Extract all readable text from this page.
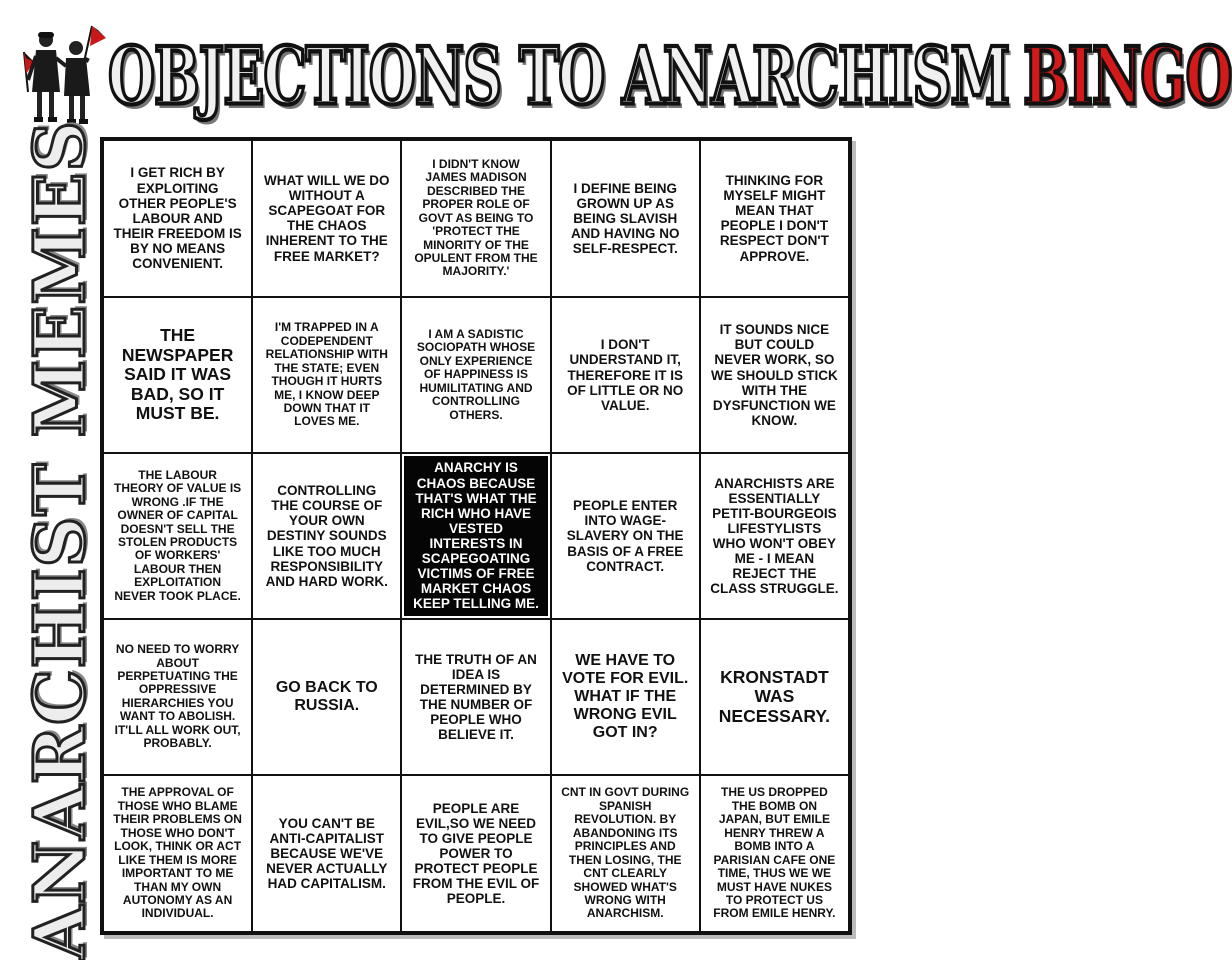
OBJECTIONS TO ANARCHISM BINGO
ANARCHIST MEMES	I GET RICH BY EXPLOITING OTHER PEOPLE'S LABOUR AND THEIR FREEDOM IS BY NO MEANS CONVENIENT.
WHAT WILL WE DO WITHOUT A SCAPEGOAT FOR THE CHAOS INHERENT TO THE FREE MARKET?
I DIDN'T KNOW JAMES MADISON DESCRIBED THE PROPER ROLE OF GOVT AS BEING TO 'PROTECT THE MINORITY OF THE OPULENT FROM THE MAJORITY.'
I DEFINE BEING GROWN UP AS BEING SLAVISH AND HAVING NO SELF-RESPECT.
THINKING FOR MYSELF MIGHT MEAN THAT PEOPLE I DON'T RESPECT DON'T APPROVE.
THE NEWSPAPER SAID IT WAS BAD, SO IT MUST BE.
I'M TRAPPED IN A CODEPENDENT RELATIONSHIP WITH THE STATE; EVEN THOUGH IT HURTS ME, I KNOW DEEP DOWN THAT IT LOVES ME.
I AM A SADISTIC SOCIOPATH WHOSE ONLY EXPERIENCE OF HAPPINESS IS HUMILITATING AND CONTROLLING OTHERS.
I DON'T UNDERSTAND IT, THEREFORE IT IS OF LITTLE OR NO VALUE.
IT SOUNDS NICE BUT COULD NEVER WORK, SO WE SHOULD STICK WITH THE DYSFUNCTION WE KNOW.
THE LABOUR THEORY OF VALUE IS WRONG .IF THE OWNER OF CAPITAL DOESN'T SELL THE STOLEN PRODUCTS OF WORKERS' LABOUR THEN EXPLOITATION NEVER TOOK PLACE.
CONTROLLING THE COURSE OF YOUR OWN DESTINY SOUNDS LIKE TOO MUCH RESPONSIBILITY AND HARD WORK.
ANARCHY IS CHAOS BECAUSE THAT'S WHAT THE RICH WHO HAVE VESTED INTERESTS IN SCAPEGOATING VICTIMS OF FREE MARKET CHAOS KEEP TELLING ME.
PEOPLE ENTER INTO WAGE-SLAVERY ON THE BASIS OF A FREE CONTRACT.
ANARCHISTS ARE ESSENTIALLY PETIT-BOURGEOIS LIFESTYLISTS WHO WON'T OBEY ME - I MEAN REJECT THE CLASS STRUGGLE.
NO NEED TO WORRY ABOUT PERPETUATING THE OPPRESSIVE HIERARCHIES YOU WANT TO ABOLISH. IT'LL ALL WORK OUT, PROBABLY.
GO BACK TO RUSSIA.
THE TRUTH OF AN IDEA IS DETERMINED BY THE NUMBER OF PEOPLE WHO BELIEVE IT.
WE HAVE TO VOTE FOR EVIL. WHAT IF THE WRONG EVIL GOT IN?
KRONSTADT WAS NECESSARY.
THE APPROVAL OF THOSE WHO BLAME THEIR PROBLEMS ON THOSE WHO DON'T LOOK, THINK OR ACT LIKE THEM IS MORE IMPORTANT TO ME THAN MY OWN AUTONOMY AS AN INDIVIDUAL.
YOU CAN'T BE ANTI-CAPITALIST BECAUSE WE'VE NEVER ACTUALLY HAD CAPITALISM.
PEOPLE ARE EVIL,SO WE NEED TO GIVE PEOPLE POWER TO PROTECT PEOPLE FROM THE EVIL OF PEOPLE.
CNT IN GOVT DURING SPANISH REVOLUTION. BY ABANDONING ITS PRINCIPLES AND THEN LOSING, THE CNT CLEARLY SHOWED WHAT'S WRONG WITH ANARCHISM.
THE US DROPPED THE BOMB ON JAPAN, BUT EMILE HENRY THREW A BOMB INTO A PARISIAN CAFE ONE TIME, THUS WE WE MUST HAVE NUKES TO PROTECT US FROM EMILE HENRY.
